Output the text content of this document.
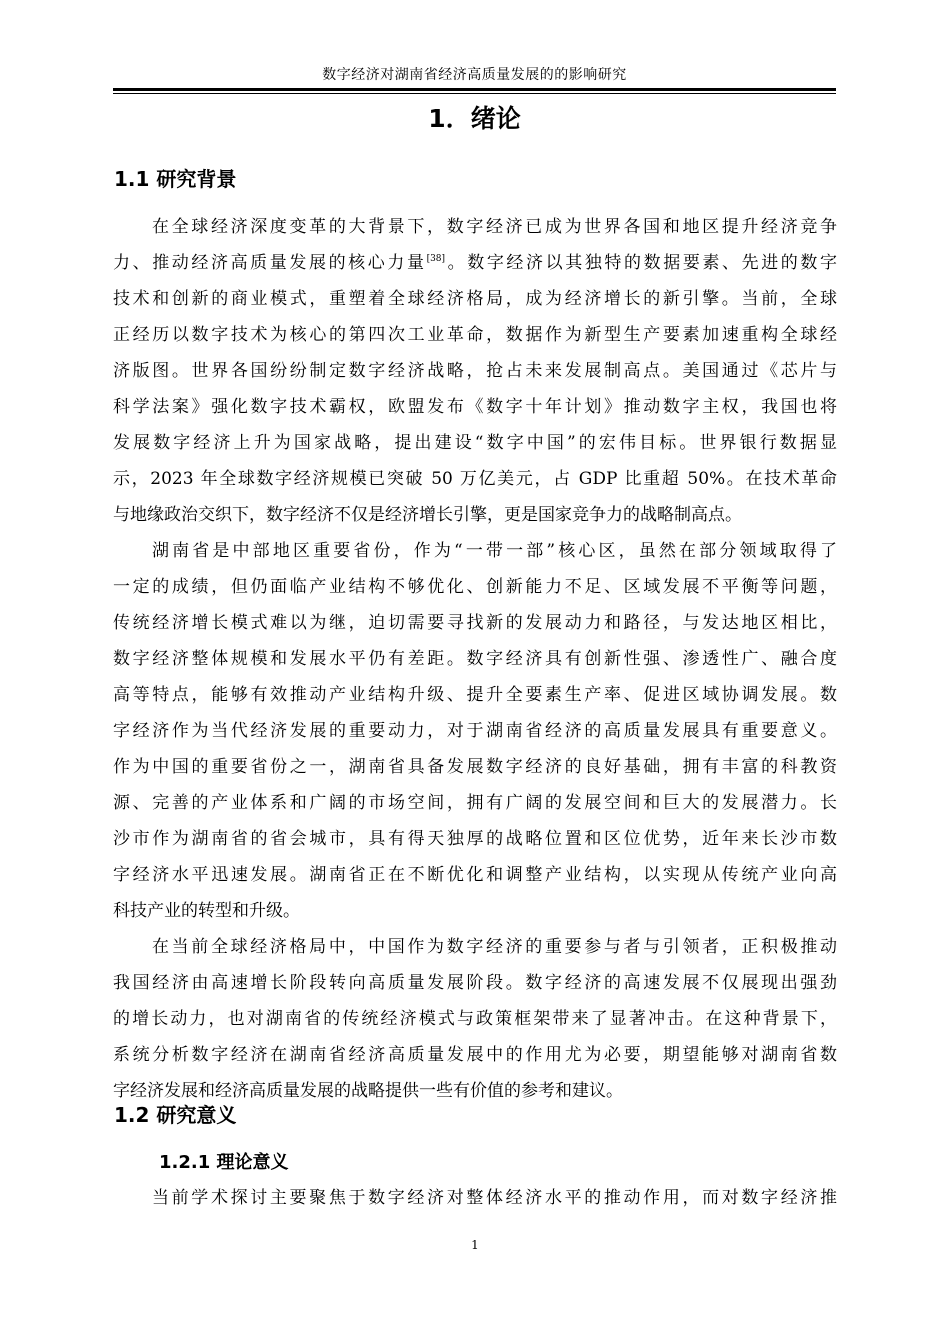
数字经济对湖南省经济高质量发展的的影响研究
1．绪论
1.1 研究背景
在全球经济深度变革的大背景下，数字经济已成为世界各国和地区提升经济竞争
力、推动经济高质量发展的核心力量[38]。数字经济以其独特的数据要素、先进的数字
技术和创新的商业模式，重塑着全球经济格局，成为经济增长的新引擎。当前，全球
正经历以数字技术为核心的第四次工业革命，数据作为新型生产要素加速重构全球经
济版图。世界各国纷纷制定数字经济战略，抢占未来发展制高点。美国通过《芯片与
科学法案》强化数字技术霸权，欧盟发布《数字十年计划》推动数字主权，我国也将
发展数字经济上升为国家战略，提出建设“数字中国”的宏伟目标。世界银行数据显
示，2023 年全球数字经济规模已突破 50 万亿美元，占 GDP 比重超 50%。在技术革命
与地缘政治交织下，数字经济不仅是经济增长引擎，更是国家竞争力的战略制高点。
湖南省是中部地区重要省份，作为“一带一部”核心区，虽然在部分领域取得了
一定的成绩，但仍面临产业结构不够优化、创新能力不足、区域发展不平衡等问题，
传统经济增长模式难以为继，迫切需要寻找新的发展动力和路径，与发达地区相比，
数字经济整体规模和发展水平仍有差距。数字经济具有创新性强、渗透性广、融合度
高等特点，能够有效推动产业结构升级、提升全要素生产率、促进区域协调发展。数
字经济作为当代经济发展的重要动力，对于湖南省经济的高质量发展具有重要意义。
作为中国的重要省份之一，湖南省具备发展数字经济的良好基础，拥有丰富的科教资
源、完善的产业体系和广阔的市场空间，拥有广阔的发展空间和巨大的发展潜力。长
沙市作为湖南省的省会城市，具有得天独厚的战略位置和区位优势，近年来长沙市数
字经济水平迅速发展。湖南省正在不断优化和调整产业结构，以实现从传统产业向高
科技产业的转型和升级。
在当前全球经济格局中，中国作为数字经济的重要参与者与引领者，正积极推动
我国经济由高速增长阶段转向高质量发展阶段。数字经济的高速发展不仅展现出强劲
的增长动力，也对湖南省的传统经济模式与政策框架带来了显著冲击。在这种背景下，
系统分析数字经济在湖南省经济高质量发展中的作用尤为必要，期望能够对湖南省数
字经济发展和经济高质量发展的战略提供一些有价值的参考和建议。
1.2 研究意义
1.2.1 理论意义
当前学术探讨主要聚焦于数字经济对整体经济水平的推动作用，而对数字经济推
1
